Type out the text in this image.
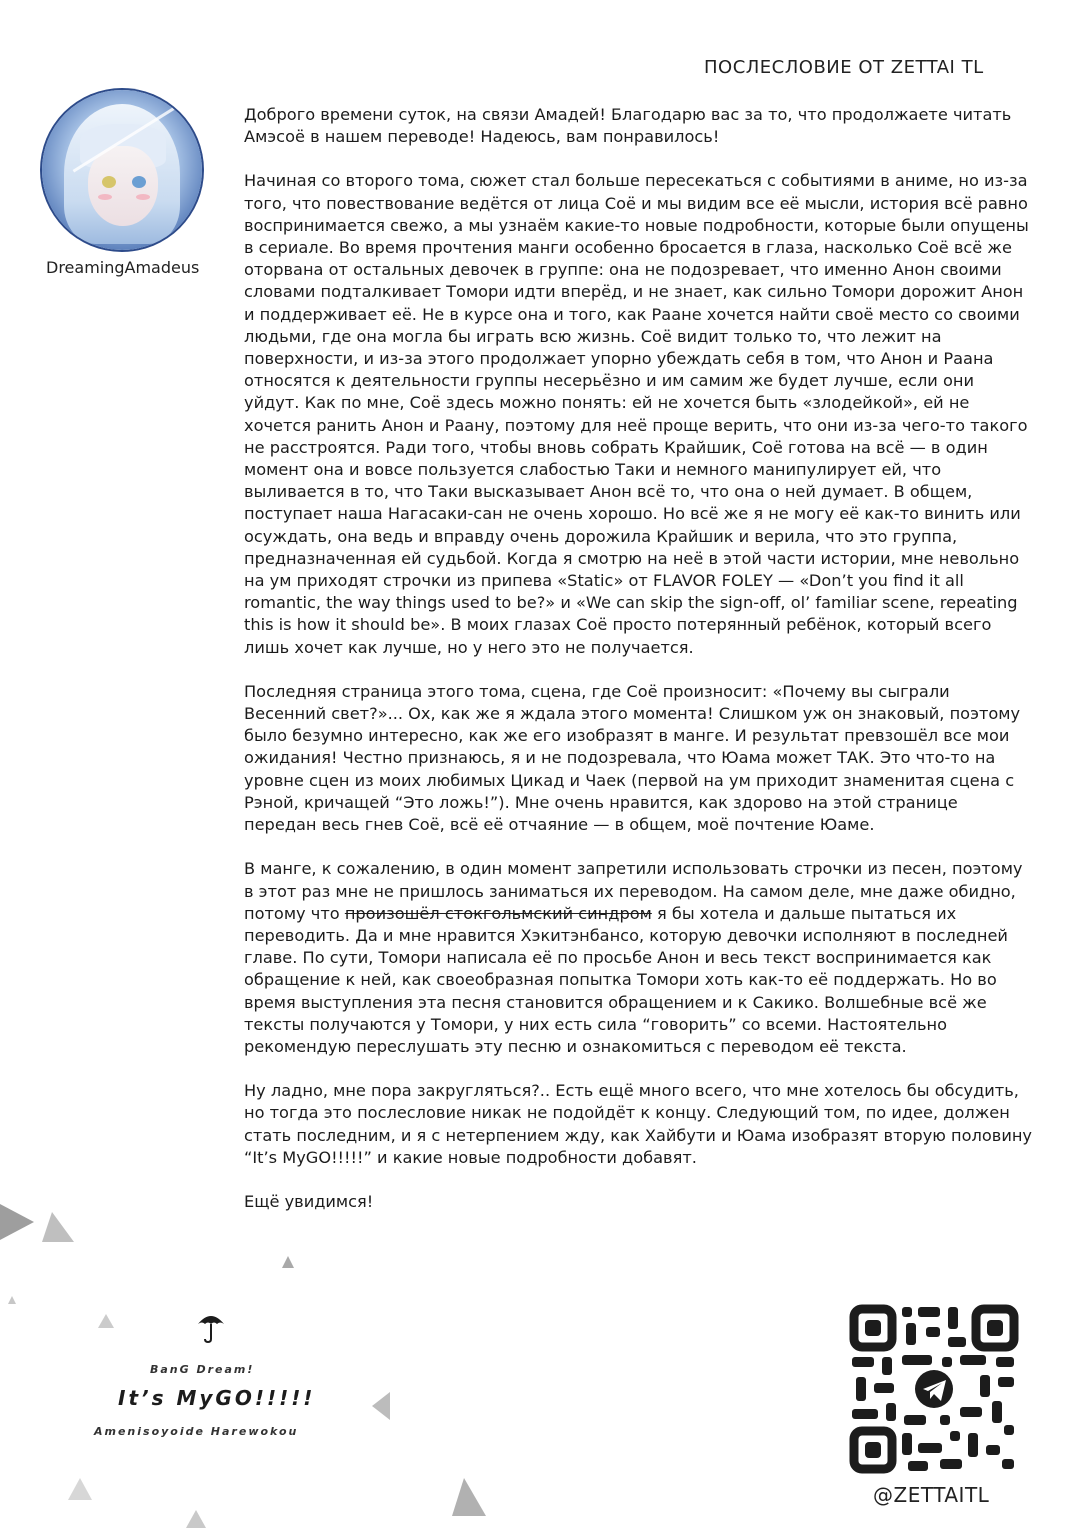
ПОСЛЕСЛОВИЕ ОТ ZETTAI TL
DreamingAmadeus

Доброго времени суток, на связи Амадей! Благодарю вас за то, что продолжаете читать Амэсоё в нашем переводе! Надеюсь, вам понравилось!

Начиная со второго тома, сюжет стал больше пересекаться с событиями в аниме, но из-за того, что повествование ведётся от лица Соё и мы видим все её мысли, история всё равно воспринимается свежо, а мы узнаём какие-то новые подробности, которые были опущены в сериале. Во время прочтения манги особенно бросается в глаза, насколько Соё всё же оторвана от остальных девочек в группе: она не подозревает, что именно Анон своими словами подталкивает Томори идти вперёд, и не знает, как сильно Томори дорожит Анон и поддерживает её. Не в курсе она и того, как Раане хочется найти своё место со своими людьми, где она могла бы играть всю жизнь. Соё видит только то, что лежит на поверхности, и из-за этого продолжает упорно убеждать себя в том, что Анон и Раана относятся к деятельности группы несерьёзно и им самим же будет лучше, если они уйдут. Как по мне, Соё здесь можно понять: ей не хочется быть «злодейкой», ей не хочется ранить Анон и Раану, поэтому для неё проще верить, что они из-за чего-то такого не расстроятся. Ради того, чтобы вновь собрать Крайшик, Соё готова на всё — в один момент она и вовсе пользуется слабостью Таки и немного манипулирует ей, что выливается в то, что Таки высказывает Анон всё то, что она о ней думает. В общем, поступает наша Нагасаки-сан не очень хорошо. Но всё же я не могу её как-то винить или осуждать, она ведь и вправду очень дорожила Крайшик и верила, что это группа, предназначенная ей судьбой. Когда я смотрю на неё в этой части истории, мне невольно на ум приходят строчки из припева «Static» от FLAVOR FOLEY — «Don’t you find it all romantic, the way things used to be?» и «We can skip the sign-off, ol’ familiar scene, repeating this is how it should be». В моих глазах Соё просто потерянный ребёнок, который всего лишь хочет как лучше, но у него это не получается.

Последняя страница этого тома, сцена, где Соё произносит: «Почему вы сыграли Весенний свет?»... Ох, как же я ждала этого момента! Слишком уж он знаковый, поэтому было безумно интересно, как же его изобразят в манге. И результат превзошёл все мои ожидания! Честно признаюсь, я и не подозревала, что Юама может ТАК. Это что-то на уровне сцен из моих любимых Цикад и Чаек (первой на ум приходит знаменитая сцена с Рэной, кричащей “Это ложь!”). Мне очень нравится, как здорово на этой странице передан весь гнев Соё, всё её отчаяние — в общем, моё почтение Юаме.

В манге, к сожалению, в один момент запретили использовать строчки из песен, поэтому в этот раз мне не пришлось заниматься их переводом. На самом деле, мне даже обидно, потому что произошёл стокгольмский синдром я бы хотела и дальше пытаться их переводить. Да и мне нравится Хэкитэнбансо, которую девочки исполняют в последней главе. По сути, Томори написала её по просьбе Анон и весь текст воспринимается как обращение к ней, как своеобразная попытка Томори хоть как-то её поддержать. Но во время выступления эта песня становится обращением и к Сакико. Волшебные всё же тексты получаются у Томори, у них есть сила “говорить” со всеми. Настоятельно рекомендую переслушать эту песню и ознакомиться с переводом её текста.

Ну ладно, мне пора закругляться?.. Есть ещё много всего, что мне хотелось бы обсудить, но тогда это послесловие никак не подойдёт к концу. Следующий том, по идее, должен стать последним, и я с нетерпением жду, как Хайбути и Юама изобразят вторую половину “It’s MyGO!!!!!” и какие новые подробности добавят.

Ещё увидимся!

BanG Dream!
It’s MyGO!!!!!
Amenisoyoide Harewokou
@ZETTAITL
